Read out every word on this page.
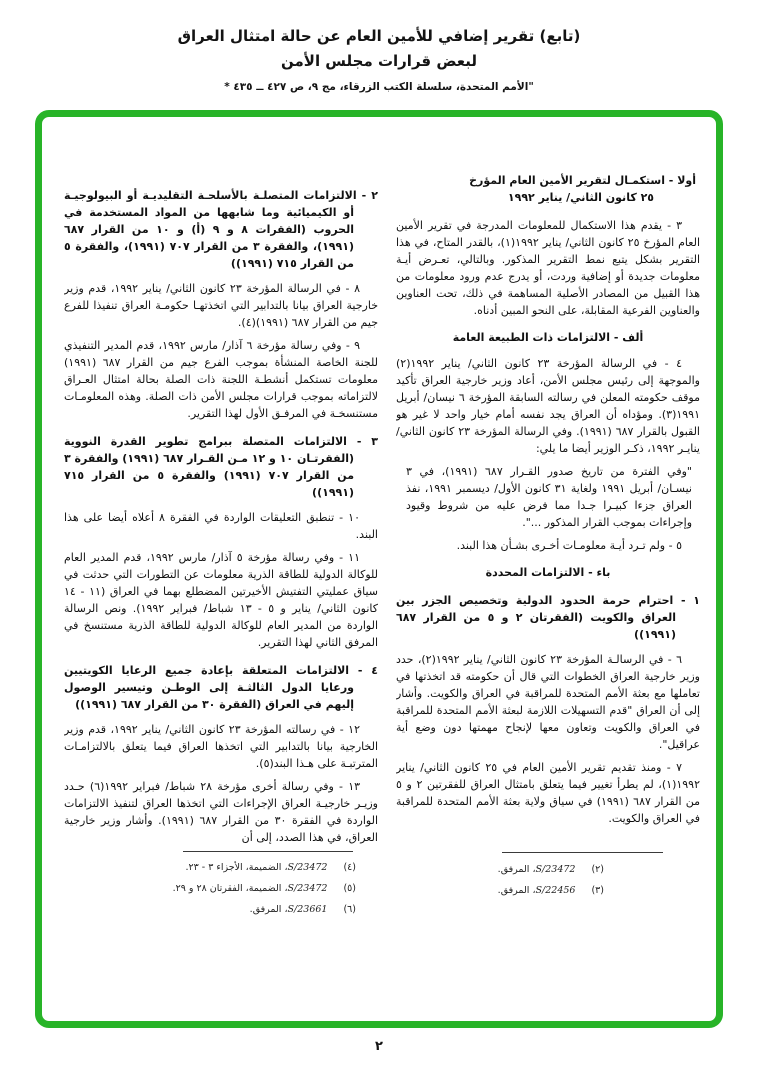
(تابع) تقرير إضافي للأمين العام عن حالة امتثال العراق
لبعض قرارات مجلس الأمن
"الأمم المتحدة، سلسلة الكتب الزرقاء، مج ٩، ص ٤٢٧ ــ ٤٣٥ *
أولا - استكمـال لتقرير الأمين العام المؤرخ
٢٥ كانون الثاني/ يناير ١٩٩٢

٣ - يقدم هذا الاستكمال للمعلومات المدرجة في تقرير الأمين العام المؤرخ ٢٥ كانون الثاني/ يناير ١٩٩٢(١)، بالقدر المتاح، في هذا التقرير بشكل يتبع نمط التقرير المذكور. وبالتالي، تعـرض أيـة معلومات جديدة أو إضافية وردت، أو يدرج عدم ورود معلومات من هذا القبيل من المصادر الأصلية المساهمة في ذلك، تحت العناوين والعناوين الفرعية المقابلة، على النحو المبين أدناه.

ألف - الالتزامات ذات الطبيعة العامة

٤ - في الرسالة المؤرخة ٢٣ كانون الثاني/ يناير ١٩٩٢(٢) والموجهة إلى رئيس مجلس الأمن، أعاد وزير خارجية العراق تأكيد موقف حكومته المعلن في رسالته السابقة المؤرخة ٦ نيسان/ أبريل ١٩٩١(٣). ومؤداه أن العراق يجد نفسه أمام خيار واحد لا غير هو القبول بالقرار ٦٨٧ (١٩٩١). وفي الرسالة المؤرخة ٢٣ كانون الثاني/ ينايـر ١٩٩٢، ذكـر الوزير أيضا ما يلي:

"وفي الفترة من تاريخ صدور القـرار ٦٨٧ (١٩٩١)، في ٣ نيسـان/ أبريل ١٩٩١ ولغاية ٣١ كانون الأول/ ديسمبر ١٩٩١، نفذ العراق جزءا كبيـرا جـدا مما فرض عليه من شروط وقيود وإجراءات بموجب القرار المذكور ...".

٥ - ولم تـرد أيـة معلومـات أخـرى بشـأن هذا البند.

باء - الالتزامات المحددة
١ - احترام حرمة الحدود الدولية وتخصيص الجزر بين العراق والكويت (الفقرتان ٢ و ٥ من القرار ٦٨٧ (١٩٩١))

٦ - في الرسالـة المؤرخة ٢٣ كانون الثاني/ يناير ١٩٩٢(٢)، حدد وزير خارجية العراق الخطوات التي قال أن حكومته قد اتخذتها في تعاملها مع بعثة الأمم المتحدة للمراقبة في العراق والكويت. وأشار إلى أن العراق "قدم التسهيلات اللازمة لبعثة الأمم المتحدة للمراقبة في العراق والكويت وتعاون معها لإنجاح مهمتها دون وضع أية عراقيل".

٧ - ومنذ تقديم تقرير الأمين العام في ٢٥ كانون الثاني/ يناير ١٩٩٢(١)، لم يطرأ تغيير فيما يتعلق بامتثال العراق للفقرتين ٢ و ٥ من القرار ٦٨٧ (١٩٩١) في سياق ولاية بعثة الأمم المتحدة للمراقبة في العراق والكويت.

٢ - الالتزامات المتصلـة بالأسلحـة التقليديـة أو البيولوجيـة أو الكيميائية وما شابهها من المواد المستخدمة في الحروب (الفقرات ٨ و ٩ (أ) و ١٠ من القرار ٦٨٧ (١٩٩١)، والفقرة ٣ من القرار ٧٠٧ (١٩٩١)، والفقرة ٥ من القرار ٧١٥ (١٩٩١))

٨ - في الرسالة المؤرخة ٢٣ كانون الثاني/ يناير ١٩٩٢، قدم وزير خارجية العراق بيانا بالتدابير التي اتخذتهـا حكومـة العراق تنفيذا للفرع جيم من القرار ٦٨٧ (١٩٩١)(٤).

٩ - وفي رسالة مؤرخة ٦ آذار/ مارس ١٩٩٢، قدم المدير التنفيذي للجنة الخاصة المنشأة بموجب الفرع جيم من القرار ٦٨٧ (١٩٩١) معلومات تستكمل أنشطـة اللجنة ذات الصلة بحالة امتثال العـراق لالتزاماته بموجب قرارات مجلس الأمن ذات الصلة. وهذه المعلومـات مستنسخـة في المرفـق الأول لهذا التقرير.

٣ - الالتزامات المتصلة ببرامج تطوير القدرة النووية (الفقرتـان ١٠ و ١٢ مـن القـرار ٦٨٧ (١٩٩١) والفقرة ٣ من القرار ٧٠٧ (١٩٩١) والفقرة ٥ من القرار ٧١٥ (١٩٩١))

١٠ - تنطبق التعليقات الواردة في الفقرة ٨ أعلاه أيضا على هذا البند.

١١ - وفي رسالة مؤرخة ٥ آذار/ مارس ١٩٩٢، قدم المدير العام للوكالة الدولية للطاقة الذرية معلومات عن التطورات التي حدثت في سياق عمليتي التفتيش الأخيرتين المضطلع بهما في العراق (١١ - ١٤ كانون الثاني/ يناير و ٥ - ١٣ شباط/ فبراير ١٩٩٢). ونص الرسالة الواردة من المدير العام للوكالة الدولية للطاقة الذرية مستنسخ في المرفق الثاني لهذا التقرير.

٤ - الالتزامات المتعلقة بإعادة جميع الرعايا الكويتيين ورعايا الدول الثالثـة إلى الوطـن وتيسير الوصول إليهم في العراق (الفقرة ٣٠ من القرار ٦٨٧ (١٩٩١))

١٢ - في رسالته المؤرخة ٢٣ كانون الثاني/ يناير ١٩٩٢، قدم وزير الخارجية بيانا بالتدابير التي اتخذها العراق فيما يتعلق بالالتزامـات المترتبـة على هـذا البند(٥).

١٣ - وفي رسالة أخرى مؤرخة ٢٨ شباط/ فبراير ١٩٩٢(٦) حـدد وزيـر خارجيـة العراق الإجراءات التي اتخذها العراق لتنفيذ الالتزامات الواردة في الفقرة ٣٠ من القرار ٦٨٧ (١٩٩١). وأشار وزير خارجية العراق، في هذا الصدد، إلى أن

(٤)
S/23472، الضميمة، الأجزاء ٣ - ٢٣.
(٥)
S/23472، الضميمة، الفقرتان ٢٨ و ٢٩.
(٦)
S/23661، المرفق.
(٢)
S/23472، المرفق.
(٣)
S/22456، المرفق.
٢
